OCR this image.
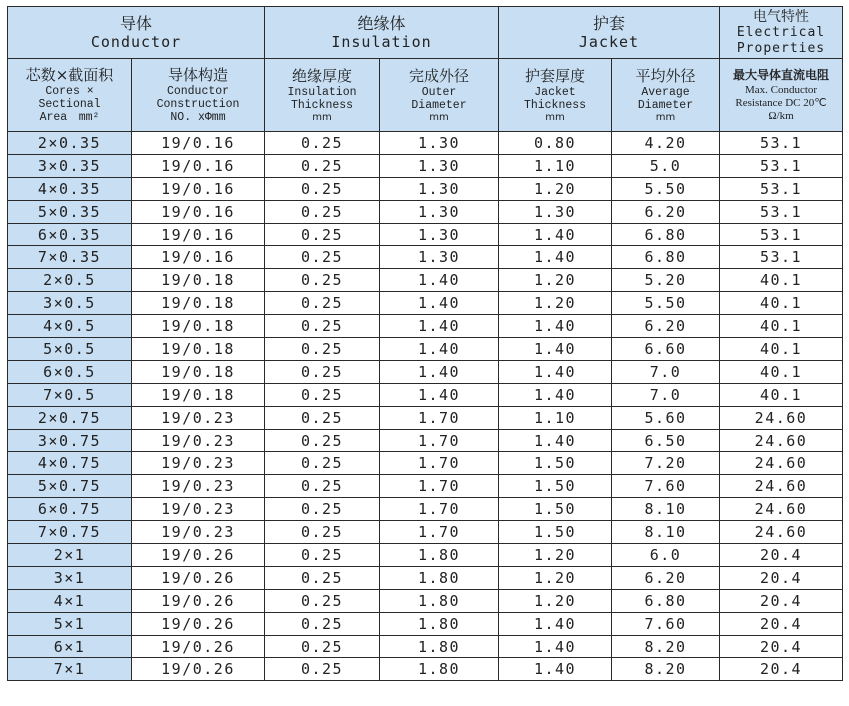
导体
Conductor		绝缘体
Insulation		护套
Jacket		电气特性
Electrical
Properties

芯数×截面积
Cores ×
Sectional
Area　mm²	导体构造
Conductor
Construction
NO. xΦmm	绝缘厚度
Insulation
Thickness
mm	完成外径
Outer
Diameter
mm	护套厚度
Jacket
Thickness
mm	平均外径
Average
Diameter
mm	最大导体直流电阻
Max. Conductor
Resistance DC 20℃
Ω/km

2×0.35	19/0.16	0.25	1.30	0.80	4.20	53.1
3×0.35	19/0.16	0.25	1.30	1.10	5.0	53.1
4×0.35	19/0.16	0.25	1.30	1.20	5.50	53.1
5×0.35	19/0.16	0.25	1.30	1.30	6.20	53.1
6×0.35	19/0.16	0.25	1.30	1.40	6.80	53.1
7×0.35	19/0.16	0.25	1.30	1.40	6.80	53.1
2×0.5	19/0.18	0.25	1.40	1.20	5.20	40.1
3×0.5	19/0.18	0.25	1.40	1.20	5.50	40.1
4×0.5	19/0.18	0.25	1.40	1.40	6.20	40.1
5×0.5	19/0.18	0.25	1.40	1.40	6.60	40.1
6×0.5	19/0.18	0.25	1.40	1.40	7.0	40.1
7×0.5	19/0.18	0.25	1.40	1.40	7.0	40.1
2×0.75	19/0.23	0.25	1.70	1.10	5.60	24.60
3×0.75	19/0.23	0.25	1.70	1.40	6.50	24.60
4×0.75	19/0.23	0.25	1.70	1.50	7.20	24.60
5×0.75	19/0.23	0.25	1.70	1.50	7.60	24.60
6×0.75	19/0.23	0.25	1.70	1.50	8.10	24.60
7×0.75	19/0.23	0.25	1.70	1.50	8.10	24.60
2×1	19/0.26	0.25	1.80	1.20	6.0	20.4
3×1	19/0.26	0.25	1.80	1.20	6.20	20.4
4×1	19/0.26	0.25	1.80	1.20	6.80	20.4
5×1	19/0.26	0.25	1.80	1.40	7.60	20.4
6×1	19/0.26	0.25	1.80	1.40	8.20	20.4
7×1	19/0.26	0.25	1.80	1.40	8.20	20.4
